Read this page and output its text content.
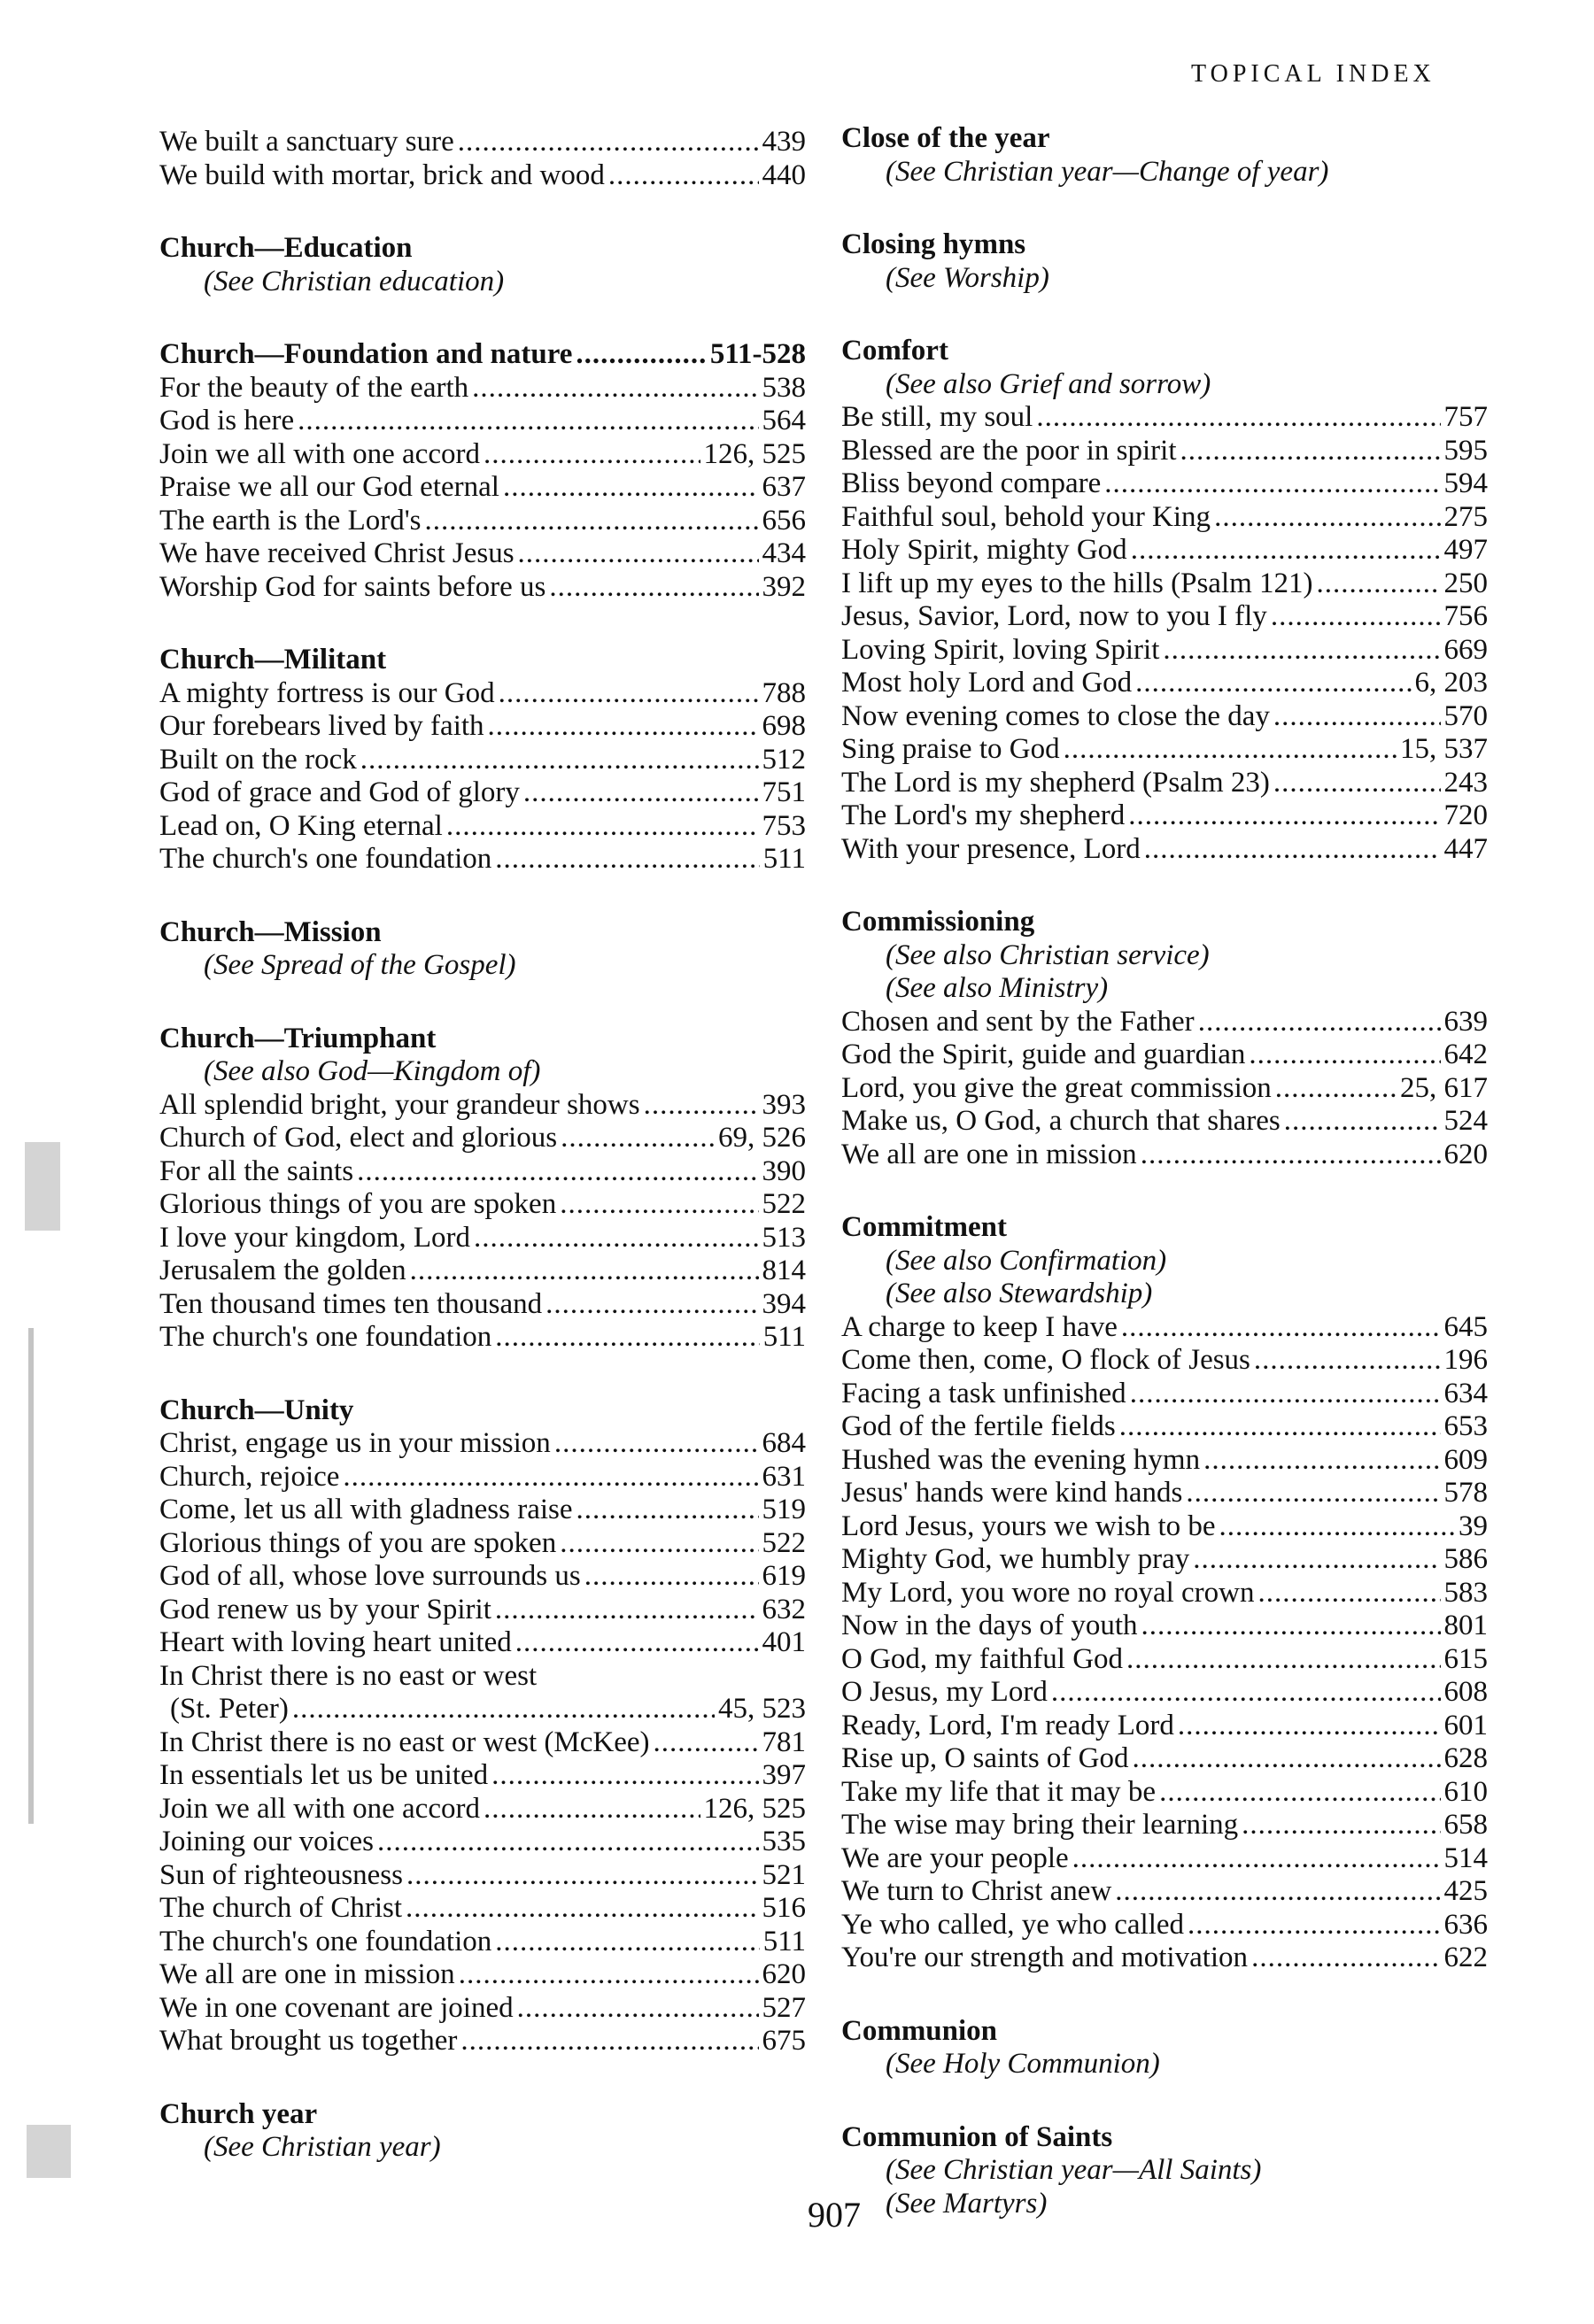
TOPICAL INDEX
We built a sanctuary sure .....	439
We build with mortar, brick and wood .....	440
Church—Education
(See Christian education)
Church—Foundation and nature .....	511-528
For the beauty of the earth .....	538
God is here .....	564
Join we all with one accord .....	126, 525
Praise we all our God eternal .....	637
The earth is the Lord's .....	656
We have received Christ Jesus .....	434
Worship God for saints before us .....	392
Church—Militant
A mighty fortress is our God .....	788
Our forebears lived by faith .....	698
Built on the rock .....	512
God of grace and God of glory .....	751
Lead on, O King eternal .....	753
The church's one foundation .....	511
Church—Mission
(See Spread of the Gospel)
Church—Triumphant
(See also God—Kingdom of)
All splendid bright, your grandeur shows .....	393
Church of God, elect and glorious .....	69, 526
For all the saints .....	390
Glorious things of you are spoken .....	522
I love your kingdom, Lord .....	513
Jerusalem the golden .....	814
Ten thousand times ten thousand .....	394
The church's one foundation .....	511
Church—Unity
Christ, engage us in your mission .....	684
Church, rejoice .....	631
Come, let us all with gladness raise .....	519
Glorious things of you are spoken .....	522
God of all, whose love surrounds us .....	619
God renew us by your Spirit .....	632
Heart with loving heart united .....	401
In Christ there is no east or west
(St. Peter) .....	45, 523
In Christ there is no east or west (McKee) .....	781
In essentials let us be united .....	397
Join we all with one accord .....	126, 525
Joining our voices .....	535
Sun of righteousness .....	521
The church of Christ .....	516
The church's one foundation .....	511
We all are one in mission .....	620
We in one covenant are joined .....	527
What brought us together .....	675
Church year
(See Christian year)
Close of the year
(See Christian year—Change of year)
Closing hymns
(See Worship)
Comfort
(See also Grief and sorrow)
Be still, my soul .....	757
Blessed are the poor in spirit .....	595
Bliss beyond compare .....	594
Faithful soul, behold your King .....	275
Holy Spirit, mighty God .....	497
I lift up my eyes to the hills (Psalm 121) .....	250
Jesus, Savior, Lord, now to you I fly .....	756
Loving Spirit, loving Spirit .....	669
Most holy Lord and God .....	6, 203
Now evening comes to close the day .....	570
Sing praise to God .....	15, 537
The Lord is my shepherd (Psalm 23) .....	243
The Lord's my shepherd .....	720
With your presence, Lord .....	447
Commissioning
(See also Christian service)
(See also Ministry)
Chosen and sent by the Father .....	639
God the Spirit, guide and guardian .....	642
Lord, you give the great commission .....	25, 617
Make us, O God, a church that shares .....	524
We all are one in mission .....	620
Commitment
(See also Confirmation)
(See also Stewardship)
A charge to keep I have .....	645
Come then, come, O flock of Jesus .....	196
Facing a task unfinished .....	634
God of the fertile fields .....	653
Hushed was the evening hymn .....	609
Jesus' hands were kind hands .....	578
Lord Jesus, yours we wish to be .....	39
Mighty God, we humbly pray .....	586
My Lord, you wore no royal crown .....	583
Now in the days of youth .....	801
O God, my faithful God .....	615
O Jesus, my Lord .....	608
Ready, Lord, I'm ready Lord .....	601
Rise up, O saints of God .....	628
Take my life that it may be .....	610
The wise may bring their learning .....	658
We are your people .....	514
We turn to Christ anew .....	425
Ye who called, ye who called .....	636
You're our strength and motivation .....	622
Communion
(See Holy Communion)
Communion of Saints
(See Christian year—All Saints)
(See Martyrs)
907
